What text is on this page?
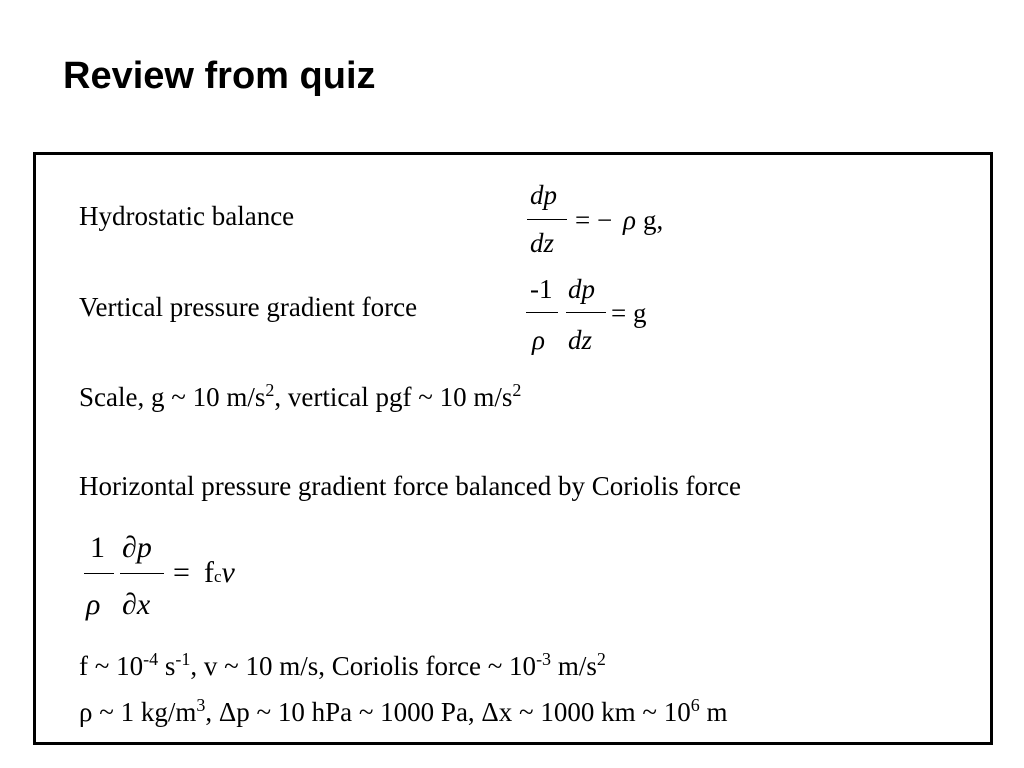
Review from quiz
Hydrostatic balance
dp
dz
= − ρ g,
Vertical pressure gradient force
-1
ρ
dp
dz
= g
Scale, g ~ 10 $m/s^2$, vertical pgf ~ 10 $m/s^2$
Horizontal pressure gradient force balanced by Coriolis force
1
ρ
∂p
∂x
= fcv
f ~ $10^{-4}$ $s^{-1}$, v ~ 10 m/s, Coriolis force ~ $10^{-3}$ $m/s^2$
ρ ~ 1 $kg/m^3$, Δp ~ 10 hPa ~ 1000 Pa, Δx ~ 1000 km ~ $10^6$ m
